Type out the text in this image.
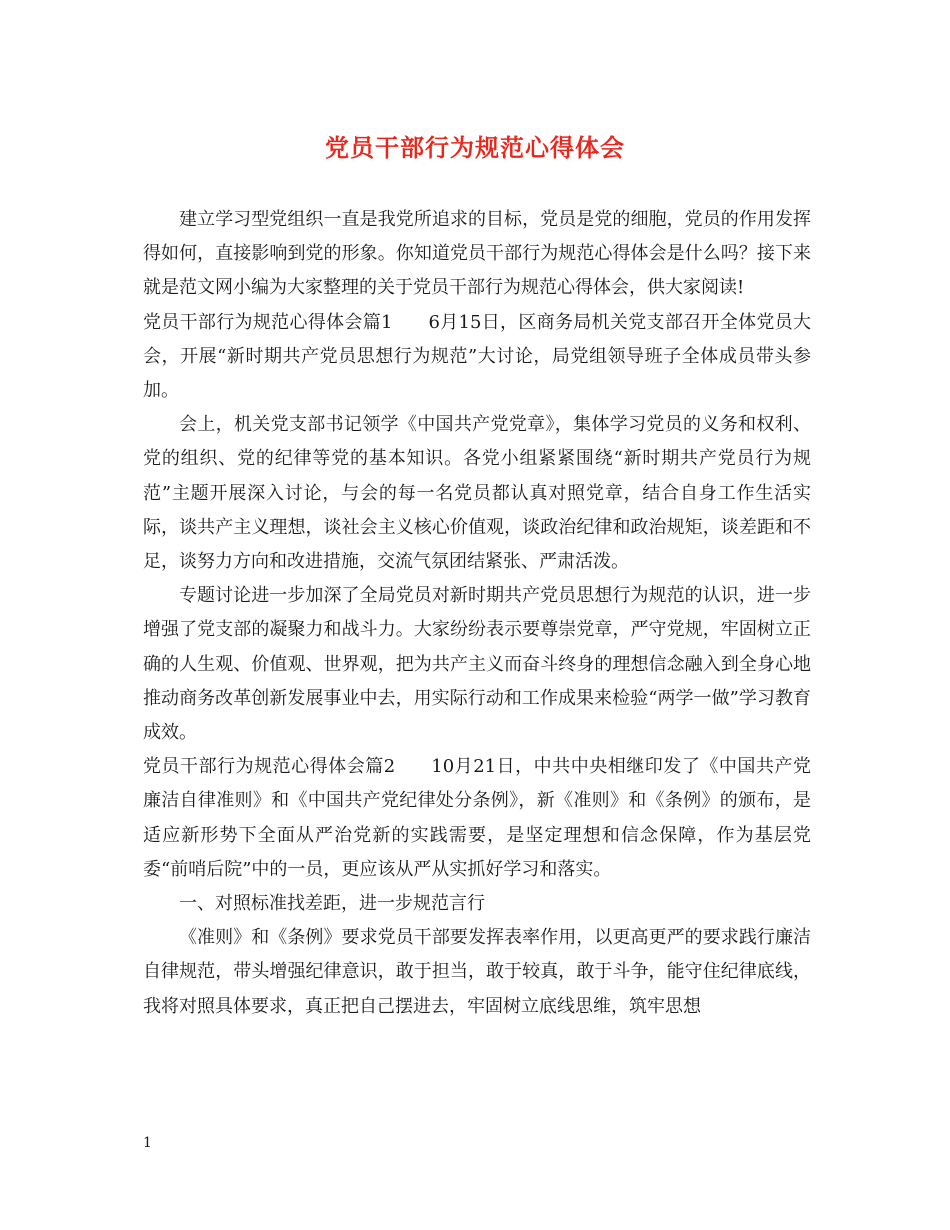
党员干部行为规范心得体会

建立学习型党组织一直是我党所追求的目标，党员是党的细胞，党员的作用发挥得如何，直接影响到党的形象。你知道党员干部行为规范心得体会是什么吗？接下来就是范文网小编为大家整理的关于党员干部行为规范心得体会，供大家阅读!

党员干部行为规范心得体会篇1 6月15日，区商务局机关党支部召开全体党员大会，开展“新时期共产党员思想行为规范”大讨论，局党组领导班子全体成员带头参加。

会上，机关党支部书记领学《中国共产党党章》，集体学习党员的义务和权利、党的组织、党的纪律等党的基本知识。各党小组紧紧围绕“新时期共产党员行为规范”主题开展深入讨论，与会的每一名党员都认真对照党章，结合自身工作生活实际，谈共产主义理想，谈社会主义核心价值观，谈政治纪律和政治规矩，谈差距和不足，谈努力方向和改进措施，交流气氛团结紧张、严肃活泼。

专题讨论进一步加深了全局党员对新时期共产党员思想行为规范的认识，进一步增强了党支部的凝聚力和战斗力。大家纷纷表示要尊崇党章，严守党规，牢固树立正确的人生观、价值观、世界观，把为共产主义而奋斗终身的理想信念融入到全身心地推动商务改革创新发展事业中去，用实际行动和工作成果来检验“两学一做”学习教育成效。

党员干部行为规范心得体会篇2 10月21日，中共中央相继印发了《中国共产党廉洁自律准则》和《中国共产党纪律处分条例》，新《准则》和《条例》的颁布，是适应新形势下全面从严治党新的实践需要，是坚定理想和信念保障，作为基层党委“前哨后院”中的一员，更应该从严从实抓好学习和落实。

一、对照标准找差距，进一步规范言行

《准则》和《条例》要求党员干部要发挥表率作用，以更高更严的要求践行廉洁自律规范，带头增强纪律意识，敢于担当，敢于较真，敢于斗争，能守住纪律底线，我将对照具体要求，真正把自己摆进去，牢固树立底线思维，筑牢思想

1
